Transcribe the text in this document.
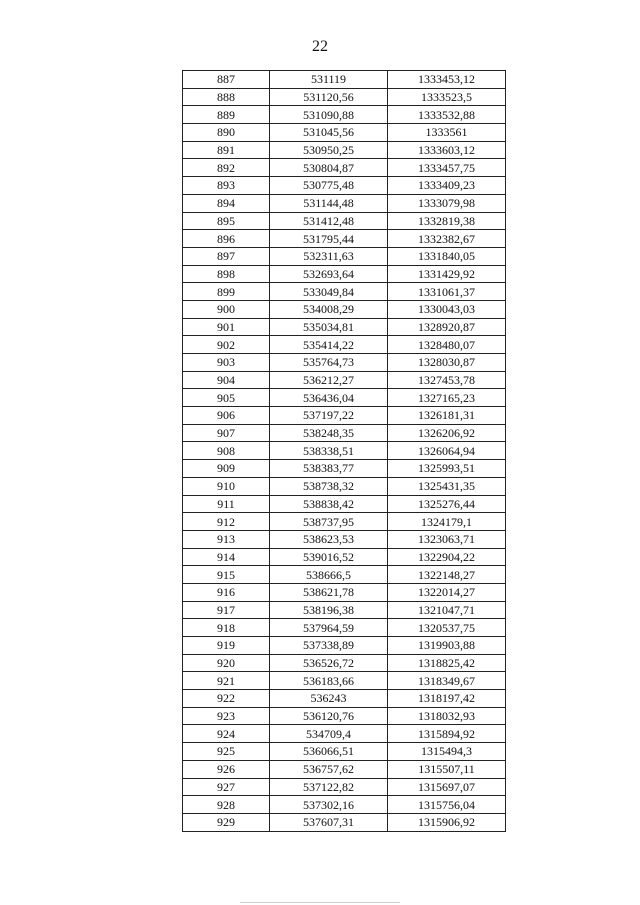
22
887	531119	1333453,12
888	531120,56	1333523,5
889	531090,88	1333532,88
890	531045,56	1333561
891	530950,25	1333603,12
892	530804,87	1333457,75
893	530775,48	1333409,23
894	531144,48	1333079,98
895	531412,48	1332819,38
896	531795,44	1332382,67
897	532311,63	1331840,05
898	532693,64	1331429,92
899	533049,84	1331061,37
900	534008,29	1330043,03
901	535034,81	1328920,87
902	535414,22	1328480,07
903	535764,73	1328030,87
904	536212,27	1327453,78
905	536436,04	1327165,23
906	537197,22	1326181,31
907	538248,35	1326206,92
908	538338,51	1326064,94
909	538383,77	1325993,51
910	538738,32	1325431,35
911	538838,42	1325276,44
912	538737,95	1324179,1
913	538623,53	1323063,71
914	539016,52	1322904,22
915	538666,5	1322148,27
916	538621,78	1322014,27
917	538196,38	1321047,71
918	537964,59	1320537,75
919	537338,89	1319903,88
920	536526,72	1318825,42
921	536183,66	1318349,67
922	536243	1318197,42
923	536120,76	1318032,93
924	534709,4	1315894,92
925	536066,51	1315494,3
926	536757,62	1315507,11
927	537122,82	1315697,07
928	537302,16	1315756,04
929	537607,31	1315906,92
